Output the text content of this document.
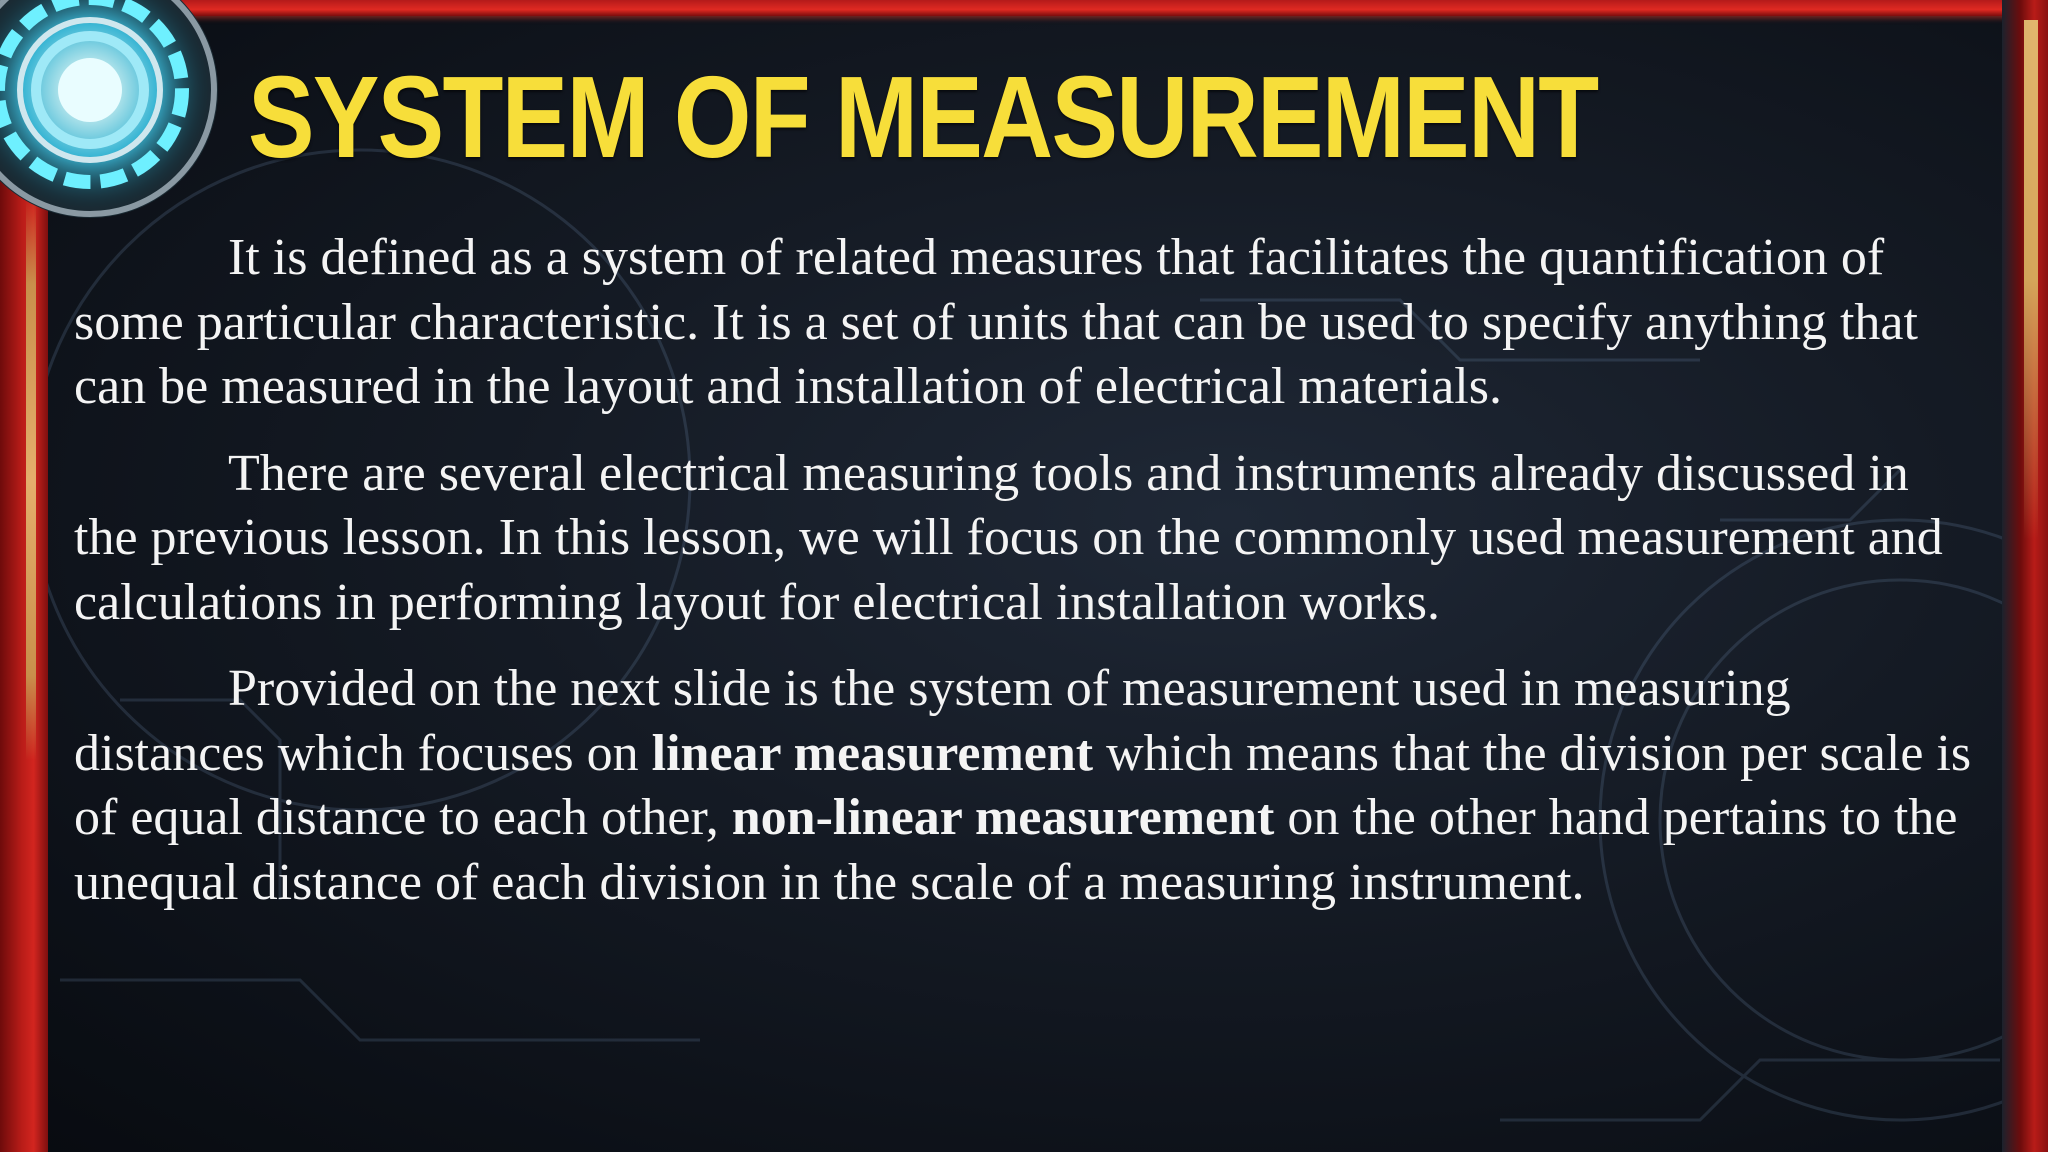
SYSTEM OF MEASUREMENT

It is defined as a system of related measures that facilitates the quantification of some particular characteristic. It is a set of units that can be used to specify anything that can be measured in the layout and installation of electrical materials.

There are several electrical measuring tools and instruments already discussed in the previous lesson. In this lesson, we will focus on the commonly used measurement and calculations in performing layout for electrical installation works.

Provided on the next slide is the system of measurement used in measuring distances which focuses on linear measurement which means that the division per scale is of equal distance to each other, non-linear measurement on the other hand pertains to the unequal distance of each division in the scale of a measuring instrument.
